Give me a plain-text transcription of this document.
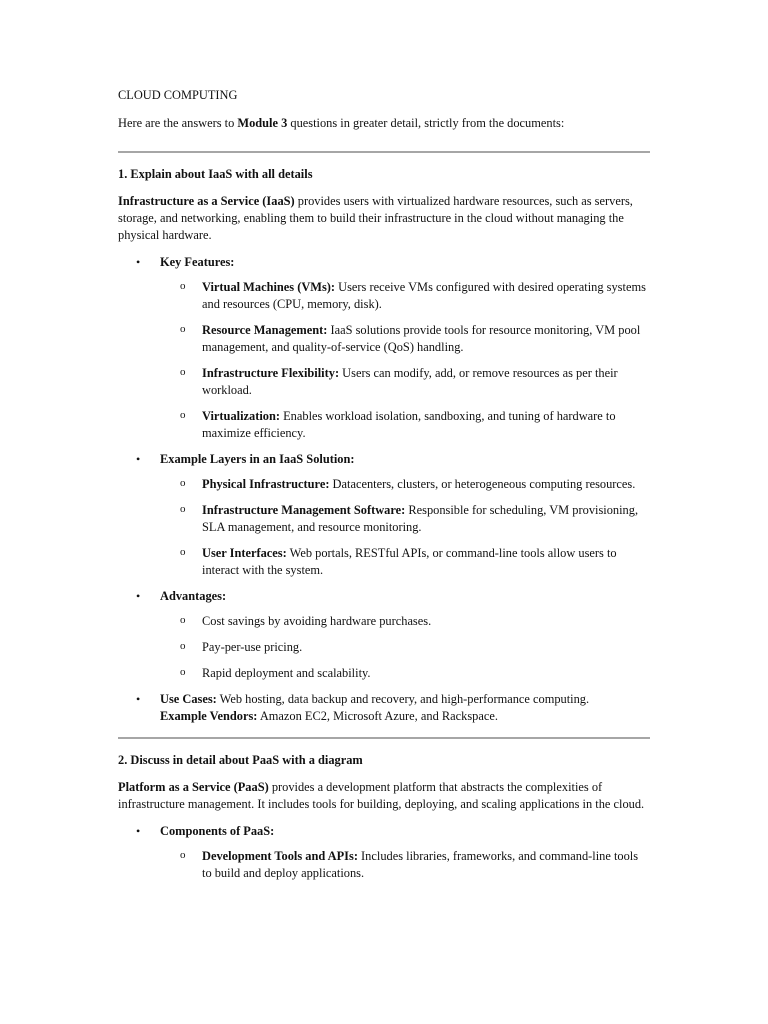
CLOUD COMPUTING

Here are the answers to Module 3 questions in greater detail, strictly from the documents:

1. Explain about IaaS with all details

Infrastructure as a Service (IaaS) provides users with virtualized hardware resources, such as servers, storage, and networking, enabling them to build their infrastructure in the cloud without managing the physical hardware.

• Key Features:
o Virtual Machines (VMs): Users receive VMs configured with desired operating systems and resources (CPU, memory, disk).
o Resource Management: IaaS solutions provide tools for resource monitoring, VM pool management, and quality-of-service (QoS) handling.
o Infrastructure Flexibility: Users can modify, add, or remove resources as per their workload.
o Virtualization: Enables workload isolation, sandboxing, and tuning of hardware to maximize efficiency.
• Example Layers in an IaaS Solution:
o Physical Infrastructure: Datacenters, clusters, or heterogeneous computing resources.
o Infrastructure Management Software: Responsible for scheduling, VM provisioning, SLA management, and resource monitoring.
o User Interfaces: Web portals, RESTful APIs, or command-line tools allow users to interact with the system.
• Advantages:
o Cost savings by avoiding hardware purchases.
o Pay-per-use pricing.
o Rapid deployment and scalability.
• Use Cases: Web hosting, data backup and recovery, and high-performance computing.
Example Vendors: Amazon EC2, Microsoft Azure, and Rackspace.

2. Discuss in detail about PaaS with a diagram

Platform as a Service (PaaS) provides a development platform that abstracts the complexities of infrastructure management. It includes tools for building, deploying, and scaling applications in the cloud.

• Components of PaaS:
o Development Tools and APIs: Includes libraries, frameworks, and command-line tools to build and deploy applications.
